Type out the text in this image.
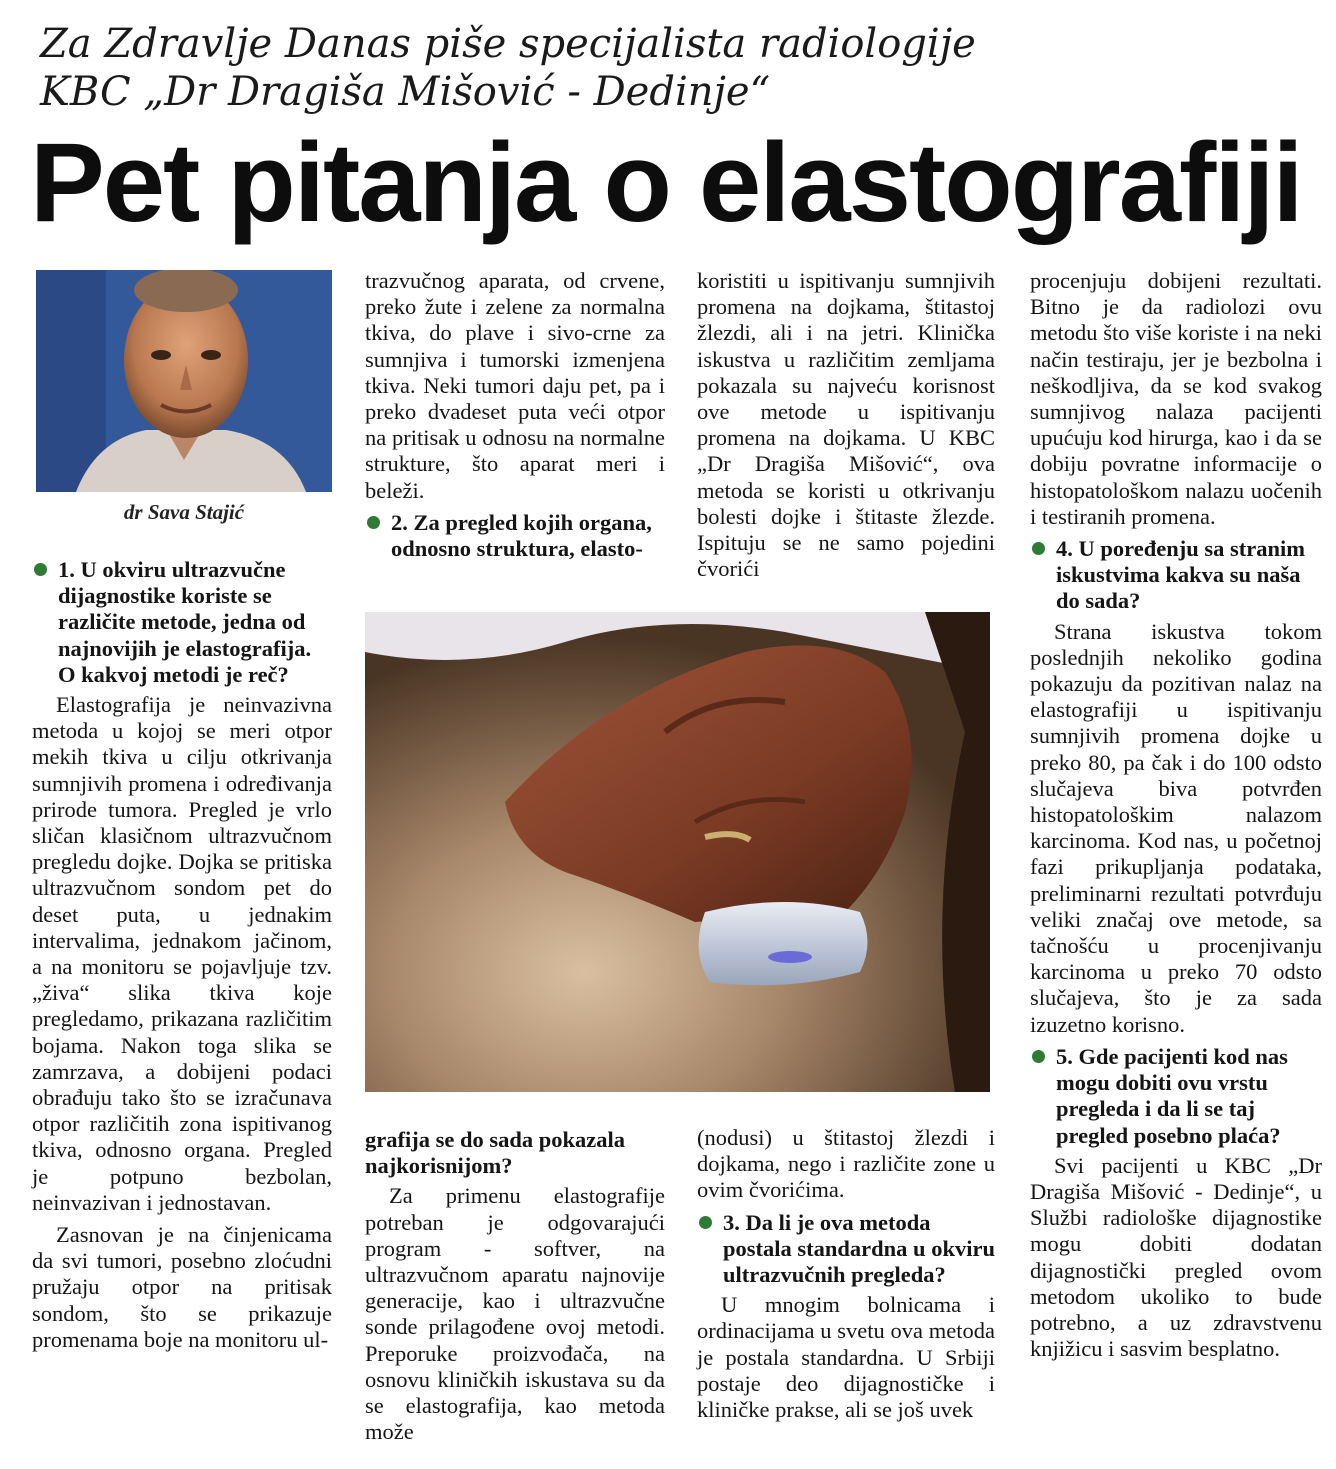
Za Zdravlje Danas piše specijalista radiologije
KBC „Dr Dragiša Mišović - Dedinje“
Pet pitanja o elastografiji
dr Sava Stajić
1. U okviru ultrazvučne dijagnostike koriste se različite metode, jedna od najnovijih je elastografija. O kakvoj metodi je reč?

Elastografija je neinvazivna metoda u kojoj se meri otpor mekih tkiva u cilju otkrivanja sumnjivih promena i određivanja prirode tumora. Pregled je vrlo sličan klasičnom ultrazvučnom pregledu dojke. Dojka se pritiska ultrazvučnom sondom pet do deset puta, u jednakim intervalima, jednakom jačinom, a na monitoru se pojavljuje tzv. „živa“ slika tkiva koje pregledamo, prikazana različitim bojama. Nakon toga slika se zamrzava, a dobijeni podaci obrađuju tako što se izračunava otpor različitih zona ispitivanog tkiva, odnosno organa. Pregled je potpuno bezbolan, neinvazivan i jednostavan.

Zasnovan je na činjenicama da svi tumori, posebno zloćudni pružaju otpor na pritisak sondom, što se prikazuje promenama boje na monitoru ul-

trazvučnog aparata, od crvene, preko žute i zelene za normalna tkiva, do plave i sivo-crne za sumnjiva i tumorski izmenjena tkiva. Neki tumori daju pet, pa i preko dvadeset puta veći otpor na pritisak u odnosu na normalne strukture, što aparat meri i beleži.

2. Za pregled kojih organa, odnosno struktura, elasto-
grafija se do sada pokazala najkorisnijom?

Za primenu elastografije potreban je odgovarajući program - softver, na ultrazvučnom aparatu najnovije generacije, kao i ultrazvučne sonde prilagođene ovoj metodi. Preporuke proizvođača, na osnovu kliničkih iskustava su da se elastografija, kao metoda može

koristiti u ispitivanju sumnjivih promena na dojkama, štitastoj žlezdi, ali i na jetri. Klinička iskustva u različitim zemljama pokazala su najveću korisnost ove metode u ispitivanju promena na dojkama. U KBC „Dr Dragiša Mišović“, ova metoda se koristi u otkrivanju bolesti dojke i štitaste žlezde. Ispituju se ne samo pojedini čvorići

(nodusi) u štitastoj žlezdi i dojkama, nego i različite zone u ovim čvorićima.

3. Da li je ova metoda postala standardna u okviru ultrazvučnih pregleda?

U mnogim bolnicama i ordinacijama u svetu ova metoda je postala standardna. U Srbiji postaje deo dijagnostičke i kliničke prakse, ali se još uvek

procenjuju dobijeni rezultati. Bitno je da radiolozi ovu metodu što više koriste i na neki način testiraju, jer je bezbolna i neškodljiva, da se kod svakog sumnjivog nalaza pacijenti upućuju kod hirurga, kao i da se dobiju povratne informacije o histopatološkom nalazu uočenih i testiranih promena.

4. U poređenju sa stranim iskustvima kakva su naša do sada?

Strana iskustva tokom poslednjih nekoliko godina pokazuju da pozitivan nalaz na elastografiji u ispitivanju sumnjivih promena dojke u preko 80, pa čak i do 100 odsto slučajeva biva potvrđen histopatološkim nalazom karcinoma. Kod nas, u početnoj fazi prikupljanja podataka, preliminarni rezultati potvrđuju veliki značaj ove metode, sa tačnošću u procenjivanju karcinoma u preko 70 odsto slučajeva, što je za sada izuzetno korisno.

5. Gde pacijenti kod nas mogu dobiti ovu vrstu pregleda i da li se taj pregled posebno plaća?

Svi pacijenti u KBC „Dr Dragiša Mišović - Dedinje“, u Službi radiološke dijagnostike mogu dobiti dodatan dijagnostički pregled ovom metodom ukoliko to bude potrebno, a uz zdravstvenu knjižicu i sasvim besplatno.
